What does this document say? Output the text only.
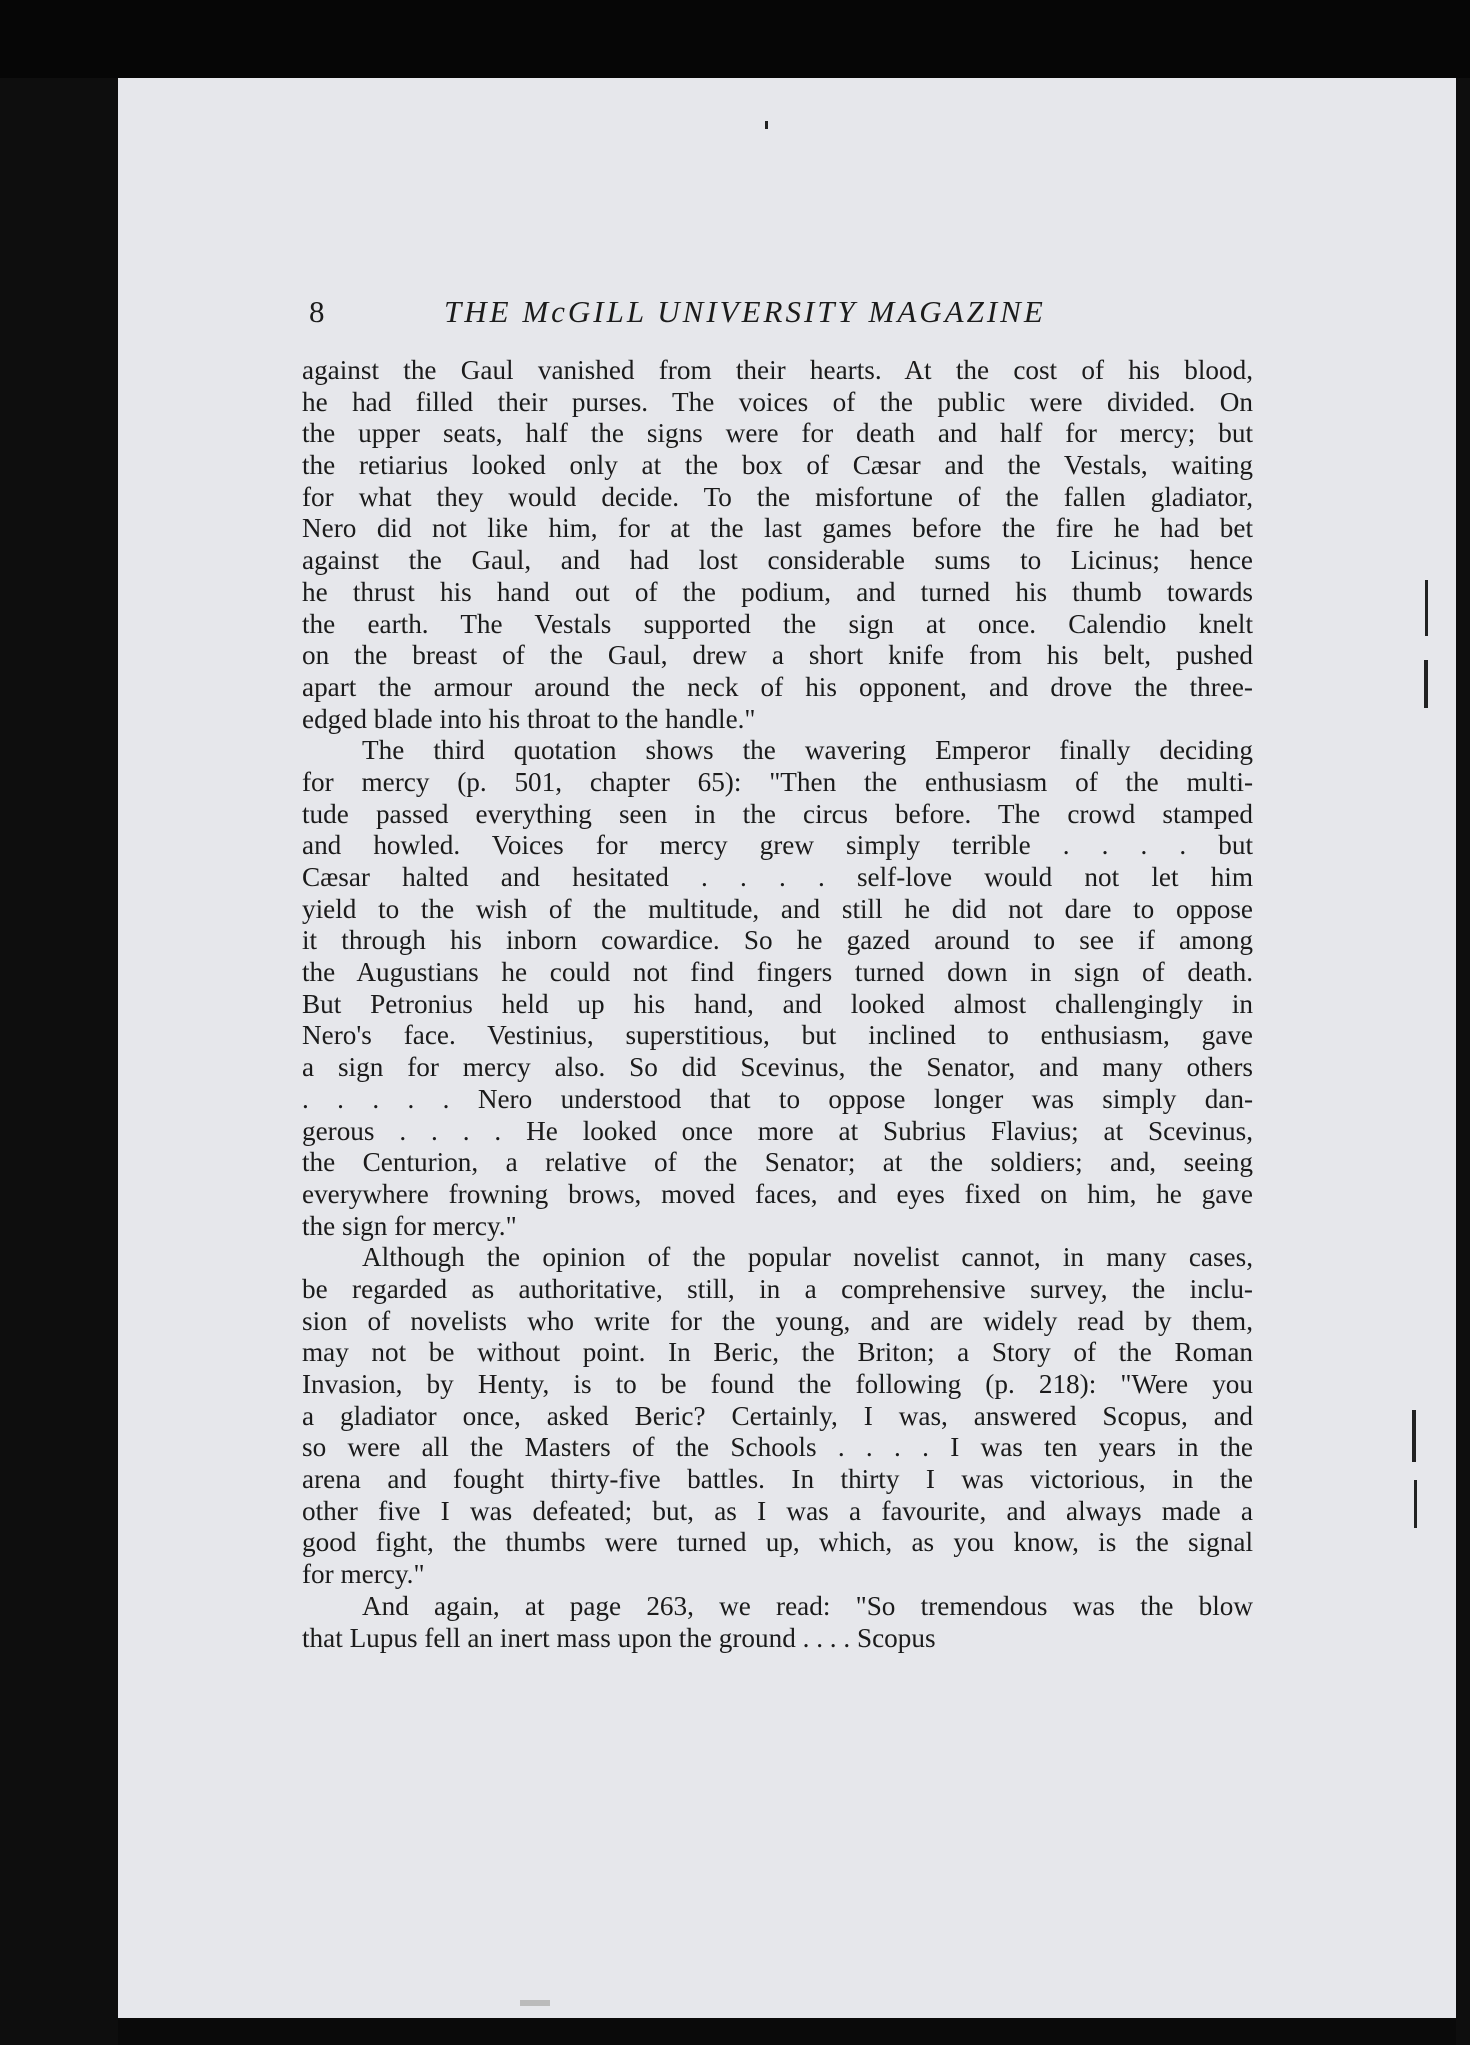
8	THE McGILL UNIVERSITY MAGAZINE
against the Gaul vanished from their hearts. At the cost of his blood,
he had filled their purses. The voices of the public were divided. On
the upper seats, half the signs were for death and half for mercy; but
the retiarius looked only at the box of Cæsar and the Vestals, waiting
for what they would decide. To the misfortune of the fallen gladiator,
Nero did not like him, for at the last games before the fire he had bet
against the Gaul, and had lost considerable sums to Licinus; hence
he thrust his hand out of the podium, and turned his thumb towards
the earth. The Vestals supported the sign at once. Calendio knelt
on the breast of the Gaul, drew a short knife from his belt, pushed
apart the armour around the neck of his opponent, and drove the three-
edged blade into his throat to the handle."
The third quotation shows the wavering Emperor finally deciding
for mercy (p. 501, chapter 65): "Then the enthusiasm of the multi-
tude passed everything seen in the circus before. The crowd stamped
and howled. Voices for mercy grew simply terrible . . . . but
Cæsar halted and hesitated . . . . self-love would not let him
yield to the wish of the multitude, and still he did not dare to oppose
it through his inborn cowardice. So he gazed around to see if among
the Augustians he could not find fingers turned down in sign of death.
But Petronius held up his hand, and looked almost challengingly in
Nero's face. Vestinius, superstitious, but inclined to enthusiasm, gave
a sign for mercy also. So did Scevinus, the Senator, and many others
. . . . . Nero understood that to oppose longer was simply dan-
gerous . . . . He looked once more at Subrius Flavius; at Scevinus,
the Centurion, a relative of the Senator; at the soldiers; and, seeing
everywhere frowning brows, moved faces, and eyes fixed on him, he gave
the sign for mercy."
Although the opinion of the popular novelist cannot, in many cases,
be regarded as authoritative, still, in a comprehensive survey, the inclu-
sion of novelists who write for the young, and are widely read by them,
may not be without point. In Beric, the Briton; a Story of the Roman
Invasion, by Henty, is to be found the following (p. 218): "Were you
a gladiator once, asked Beric? Certainly, I was, answered Scopus, and
so were all the Masters of the Schools . . . . I was ten years in the
arena and fought thirty-five battles. In thirty I was victorious, in the
other five I was defeated; but, as I was a favourite, and always made a
good fight, the thumbs were turned up, which, as you know, is the signal
for mercy."
And again, at page 263, we read: "So tremendous was the blow
that Lupus fell an inert mass upon the ground . . . . Scopus
